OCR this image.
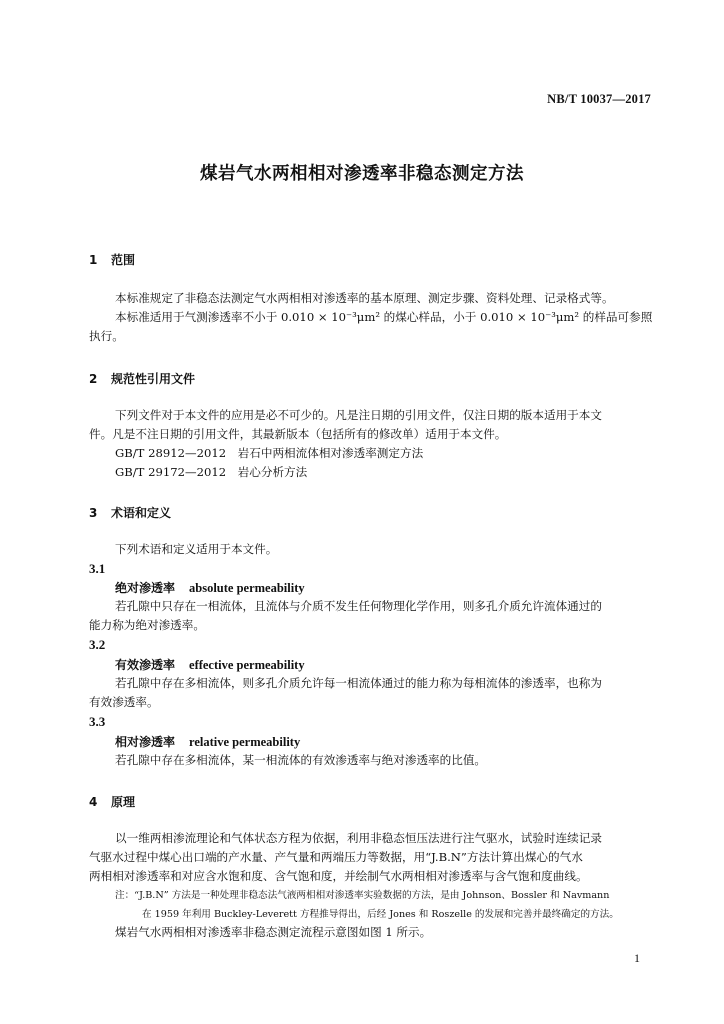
NB/T 10037—2017
煤岩气水两相相对渗透率非稳态测定方法
1 范围
本标准规定了非稳态法测定气水两相相对渗透率的基本原理、测定步骤、资料处理、记录格式等。
本标准适用于气测渗透率不小于 0.010 × 10⁻³μm² 的煤心样品，小于 0.010 × 10⁻³μm² 的样品可参照
执行。
2 规范性引用文件
下列文件对于本文件的应用是必不可少的。凡是注日期的引用文件，仅注日期的版本适用于本文
件。凡是不注日期的引用文件，其最新版本（包括所有的修改单）适用于本文件。
GB/T 28912—2012　岩石中两相流体相对渗透率测定方法
GB/T 29172—2012　岩心分析方法
3 术语和定义
下列术语和定义适用于本文件。
3.1
绝对渗透率 absolute permeability
若孔隙中只存在一相流体，且流体与介质不发生任何物理化学作用，则多孔介质允许流体通过的
能力称为绝对渗透率。
3.2
有效渗透率 effective permeability
若孔隙中存在多相流体，则多孔介质允许每一相流体通过的能力称为每相流体的渗透率，也称为
有效渗透率。
3.3
相对渗透率 relative permeability
若孔隙中存在多相流体，某一相流体的有效渗透率与绝对渗透率的比值。
4 原理
以一维两相渗流理论和气体状态方程为依据，利用非稳态恒压法进行注气驱水，试验时连续记录
气驱水过程中煤心出口端的产水量、产气量和两端压力等数据，用“J.B.N”方法计算出煤心的气水
两相相对渗透率和对应含水饱和度、含气饱和度，并绘制气水两相相对渗透率与含气饱和度曲线。
注：“J.B.N” 方法是一种处理非稳态法气液两相相对渗透率实验数据的方法，是由 Johnson、Bossler 和 Navmann
在 1959 年利用 Buckley-Leverett 方程推导得出，后经 Jones 和 Roszelle 的发展和完善并最终确定的方法。
煤岩气水两相相对渗透率非稳态测定流程示意图如图 1 所示。
1
